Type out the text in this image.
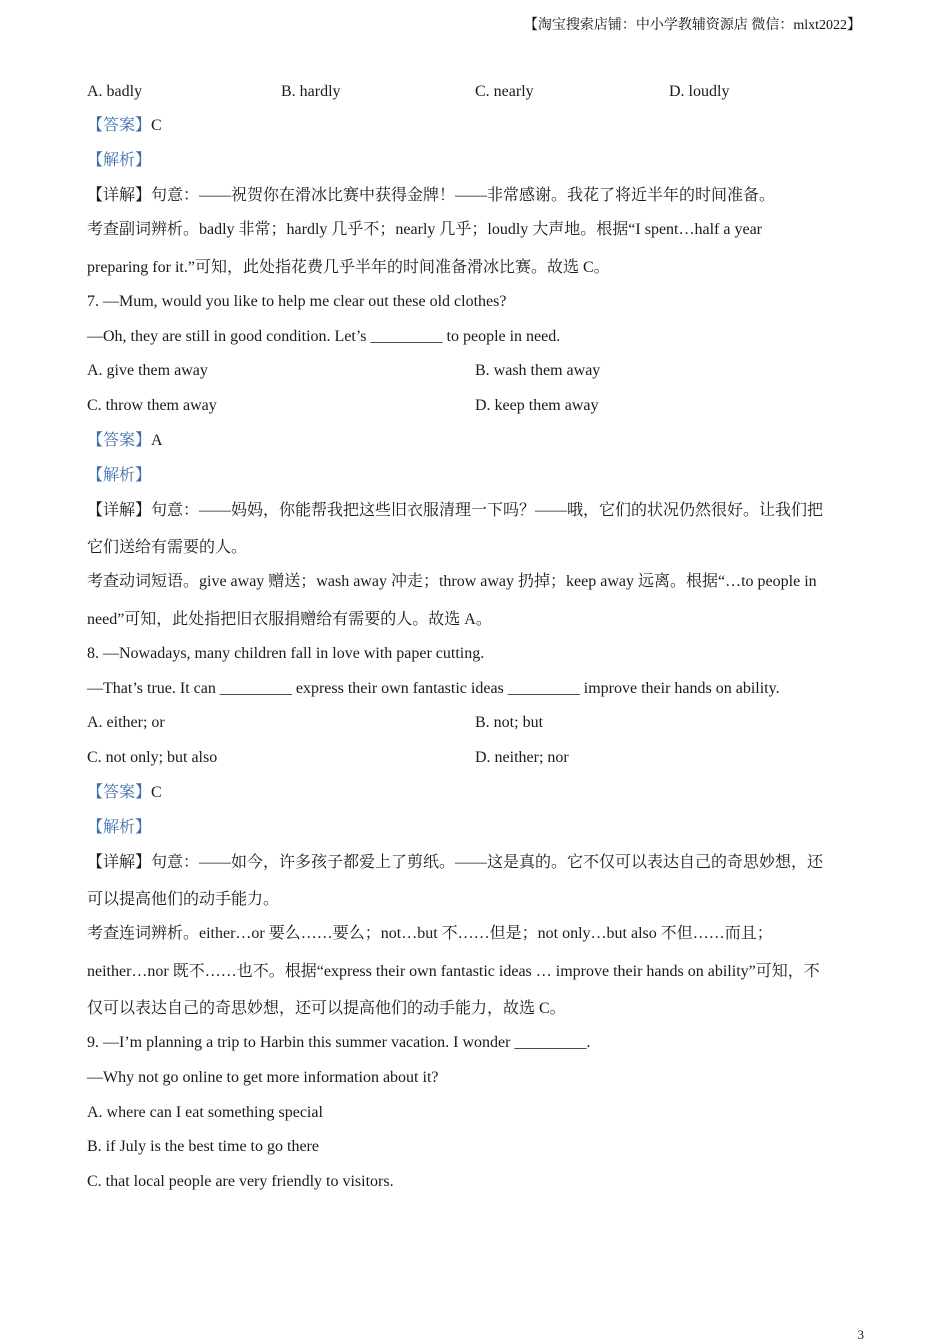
【淘宝搜索店铺：中小学教辅资源店 微信：mlxt2022】
A. badly	B. hardly	C. nearly	D. loudly
【答案】C
【解析】
【详解】句意：——祝贺你在滑冰比赛中获得金牌！——非常感谢。我花了将近半年的时间准备。
考查副词辨析。badly 非常；hardly 几乎不；nearly 几乎；loudly 大声地。根据“I spent…half a year
preparing for it.”可知，此处指花费几乎半年的时间准备滑冰比赛。故选 C。
7. —Mum, would you like to help me clear out these old clothes?
—Oh, they are still in good condition. Let’s _________ to people in need.
A. give them away	B. wash them away
C. throw them away	D. keep them away
【答案】A
【解析】
【详解】句意：——妈妈，你能帮我把这些旧衣服清理一下吗？——哦，它们的状况仍然很好。让我们把
它们送给有需要的人。
考查动词短语。give away 赠送；wash away 冲走；throw away 扔掉；keep away 远离。根据“…to people in
need”可知，此处指把旧衣服捐赠给有需要的人。故选 A。
8. —Nowadays, many children fall in love with paper cutting.
—That’s true. It can _________ express their own fantastic ideas _________ improve their hands on ability.
A. either; or	B. not; but
C. not only; but also	D. neither; nor
【答案】C
【解析】
【详解】句意：——如今，许多孩子都爱上了剪纸。——这是真的。它不仅可以表达自己的奇思妙想，还
可以提高他们的动手能力。
考查连词辨析。either…or 要么……要么；not…but 不……但是；not only…but also 不但……而且；
neither…nor 既不……也不。根据“express their own fantastic ideas … improve their hands on ability”可知，不
仅可以表达自己的奇思妙想，还可以提高他们的动手能力，故选 C。
9. —I’m planning a trip to Harbin this summer vacation. I wonder _________.
—Why not go online to get more information about it?
A. where can I eat something special
B. if July is the best time to go there
C. that local people are very friendly to visitors.
3
